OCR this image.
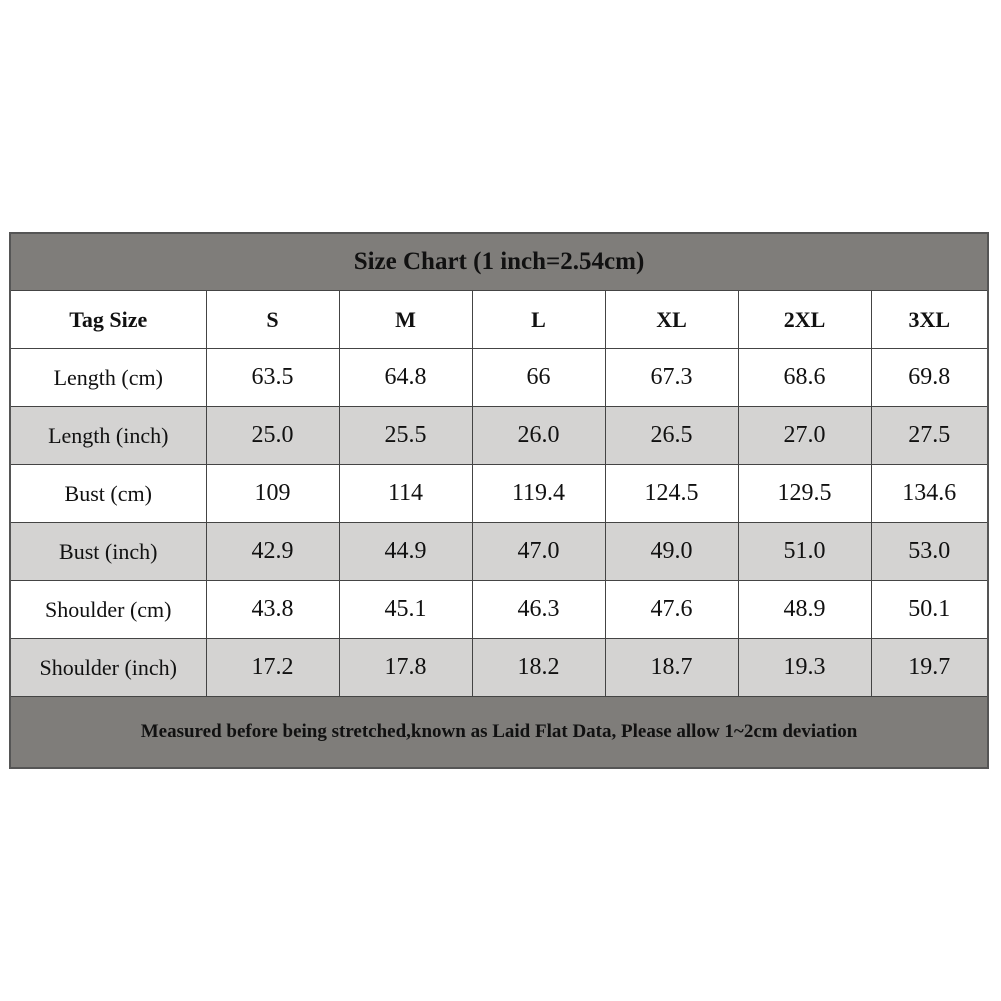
Size Chart (1 inch=2.54cm)						
Tag Size	S	M	L	XL	2XL	3XL
Length (cm)	63.5	64.8	66	67.3	68.6	69.8
Length (inch)	25.0	25.5	26.0	26.5	27.0	27.5
Bust (cm)	109	114	119.4	124.5	129.5	134.6
Bust (inch)	42.9	44.9	47.0	49.0	51.0	53.0
Shoulder (cm)	43.8	45.1	46.3	47.6	48.9	50.1
Shoulder (inch)	17.2	17.8	18.2	18.7	19.3	19.7
Measured before being stretched,known as Laid Flat Data, Please allow 1~2cm deviation						
